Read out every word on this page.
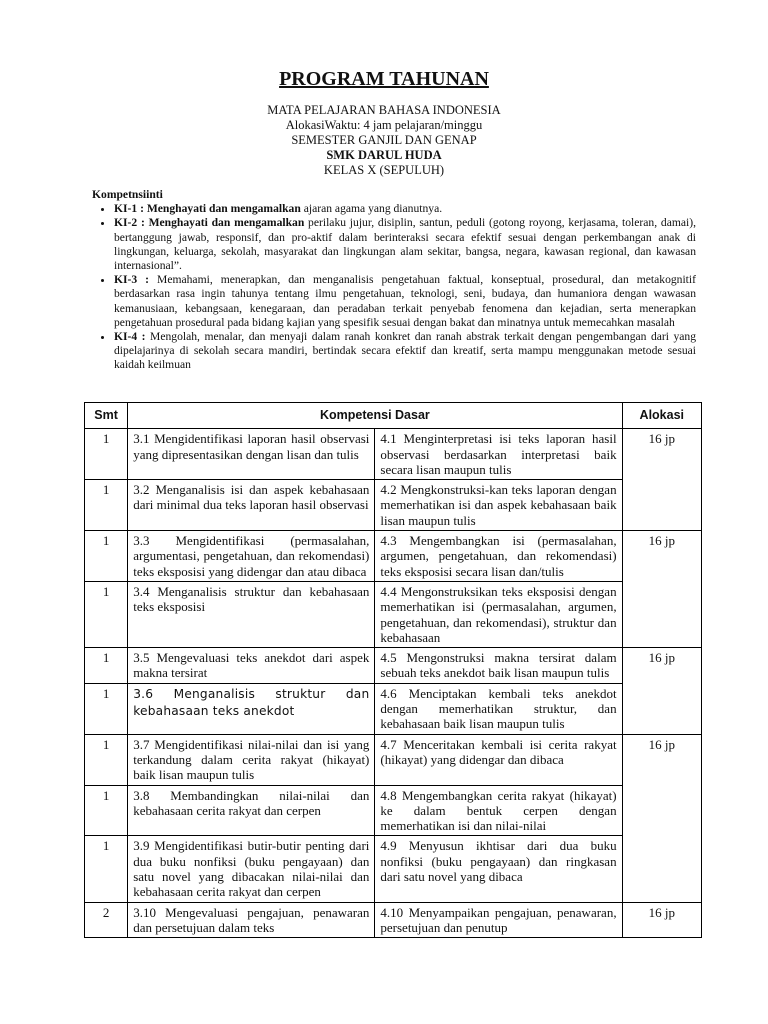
PROGRAM TAHUNAN
MATA PELAJARAN BAHASA INDONESIA
AlokasiWaktu: 4 jam pelajaran/minggu
SEMESTER GANJIL DAN GENAP
SMK DARUL HUDA
KELAS X (SEPULUH)
Kompetnsiinti
• KI-1 : Menghayati dan mengamalkan ajaran agama yang dianutnya.
• KI-2 : Menghayati dan mengamalkan perilaku jujur, disiplin, santun, peduli (gotong royong, kerjasama, toleran, damai), bertanggung jawab, responsif, dan pro-aktif dalam berinteraksi secara efektif sesuai dengan perkembangan anak di lingkungan, keluarga, sekolah, masyarakat dan lingkungan alam sekitar, bangsa, negara, kawasan regional, dan kawasan internasional”.
• KI-3 : Memahami, menerapkan, dan menganalisis pengetahuan faktual, konseptual, prosedural, dan metakognitif berdasarkan rasa ingin tahunya tentang ilmu pengetahuan, teknologi, seni, budaya, dan humaniora dengan wawasan kemanusiaan, kebangsaan, kenegaraan, dan peradaban terkait penyebab fenomena dan kejadian, serta menerapkan pengetahuan prosedural pada bidang kajian yang spesifik sesuai dengan bakat dan minatnya untuk memecahkan masalah
• KI-4 : Mengolah, menalar, dan menyaji dalam ranah konkret dan ranah abstrak terkait dengan pengembangan dari yang dipelajarinya di sekolah secara mandiri, bertindak secara efektif dan kreatif, serta mampu menggunakan metode sesuai kaidah keilmuan
Smt	Kompetensi Dasar		Alokasi
1	3.1 Mengidentifikasi laporan hasil observasi yang dipresentasikan dengan lisan dan tulis	4.1 Menginterpretasi isi teks laporan hasil observasi berdasarkan interpretasi baik secara lisan maupun tulis	16 jp
1	3.2 Menganalisis isi dan aspek kebahasaan dari minimal dua teks laporan hasil observasi	4.2 Mengkonstruksi-kan teks laporan dengan memerhatikan isi dan aspek kebahasaan baik lisan maupun tulis	
1	3.3 Mengidentifikasi (permasalahan, argumentasi, pengetahuan, dan rekomendasi) teks eksposisi yang didengar dan atau dibaca	4.3 Mengembangkan isi (permasalahan, argumen, pengetahuan, dan rekomendasi) teks eksposisi secara lisan dan/tulis	16 jp
1	3.4 Menganalisis struktur dan kebahasaan teks eksposisi	4.4 Mengonstruksikan teks eksposisi dengan memerhatikan isi (permasalahan, argumen, pengetahuan, dan rekomendasi), struktur dan kebahasaan	
1	3.5 Mengevaluasi teks anekdot dari aspek makna tersirat	4.5 Mengonstruksi makna tersirat dalam sebuah teks anekdot baik lisan maupun tulis	16 jp
1	3.6 Menganalisis struktur dan kebahasaan teks anekdot	4.6 Menciptakan kembali teks anekdot dengan memerhatikan struktur, dan kebahasaan baik lisan maupun tulis	
1	3.7 Mengidentifikasi nilai-nilai dan isi yang terkandung dalam cerita rakyat (hikayat) baik lisan maupun tulis	4.7 Menceritakan kembali isi cerita rakyat (hikayat) yang didengar dan dibaca	16 jp
1	3.8 Membandingkan nilai-nilai dan kebahasaan cerita rakyat dan cerpen	4.8 Mengembangkan cerita rakyat (hikayat) ke dalam bentuk cerpen dengan memerhatikan isi dan nilai-nilai	
1	3.9 Mengidentifikasi butir-butir penting dari dua buku nonfiksi (buku pengayaan) dan satu novel yang dibacakan nilai-nilai dan kebahasaan cerita rakyat dan cerpen	4.9 Menyusun ikhtisar dari dua buku nonfiksi (buku pengayaan) dan ringkasan dari satu novel yang dibaca	
2	3.10 Mengevaluasi pengajuan, penawaran dan persetujuan dalam teks	4.10 Menyampaikan pengajuan, penawaran, persetujuan dan penutup	16 jp
